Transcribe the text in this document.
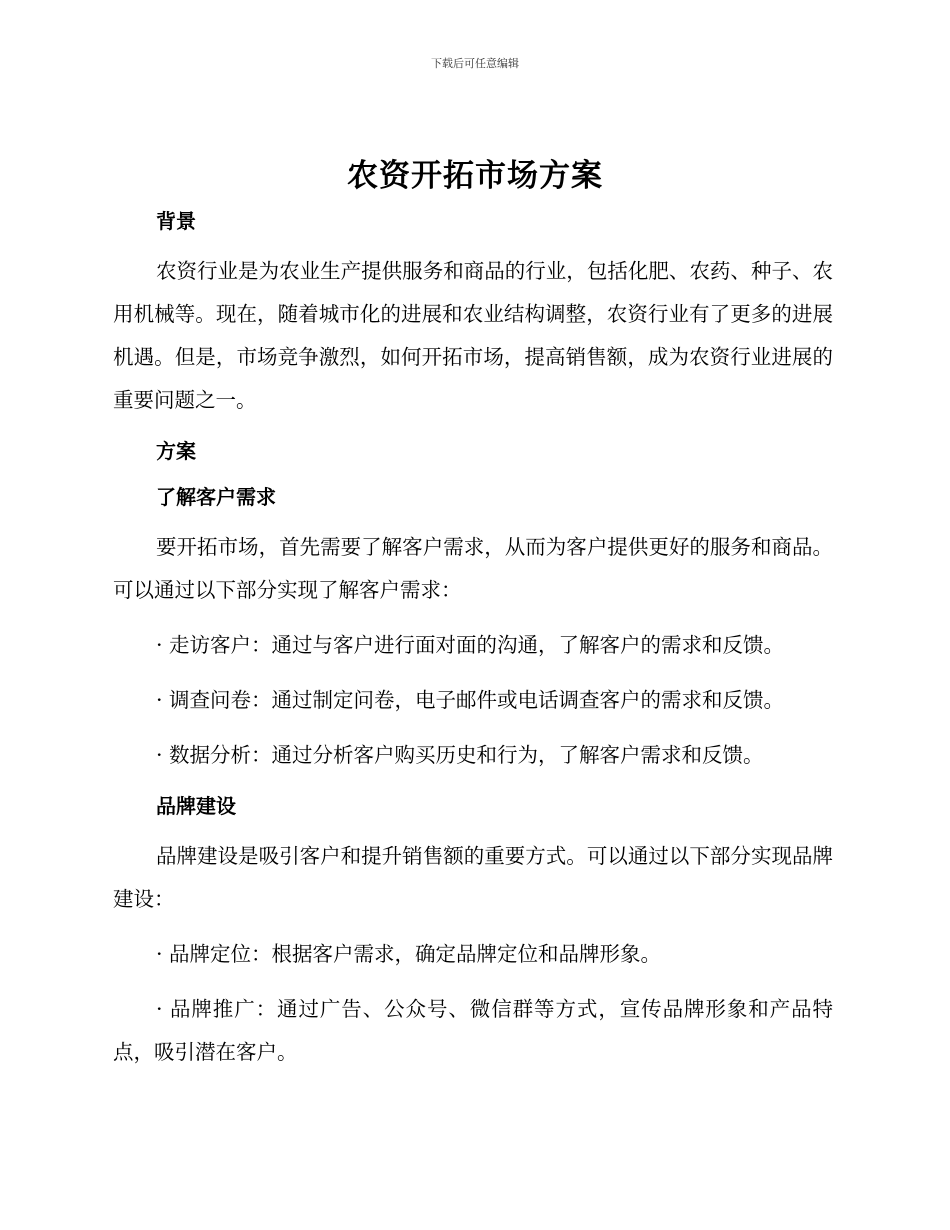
下载后可任意编辑
农资开拓市场方案
背景
农资行业是为农业生产提供服务和商品的行业，包括化肥、农药、种子、农用机械等。现在，随着城市化的进展和农业结构调整，农资行业有了更多的进展机遇。但是，市场竞争激烈，如何开拓市场，提高销售额，成为农资行业进展的重要问题之一。
方案
了解客户需求
要开拓市场，首先需要了解客户需求，从而为客户提供更好的服务和商品。可以通过以下部分实现了解客户需求：
· 走访客户：通过与客户进行面对面的沟通，了解客户的需求和反馈。
· 调查问卷：通过制定问卷，电子邮件或电话调查客户的需求和反馈。
· 数据分析：通过分析客户购买历史和行为，了解客户需求和反馈。
品牌建设
品牌建设是吸引客户和提升销售额的重要方式。可以通过以下部分实现品牌建设：
· 品牌定位：根据客户需求，确定品牌定位和品牌形象。
· 品牌推广：通过广告、公众号、微信群等方式，宣传品牌形象和产品特点，吸引潜在客户。
